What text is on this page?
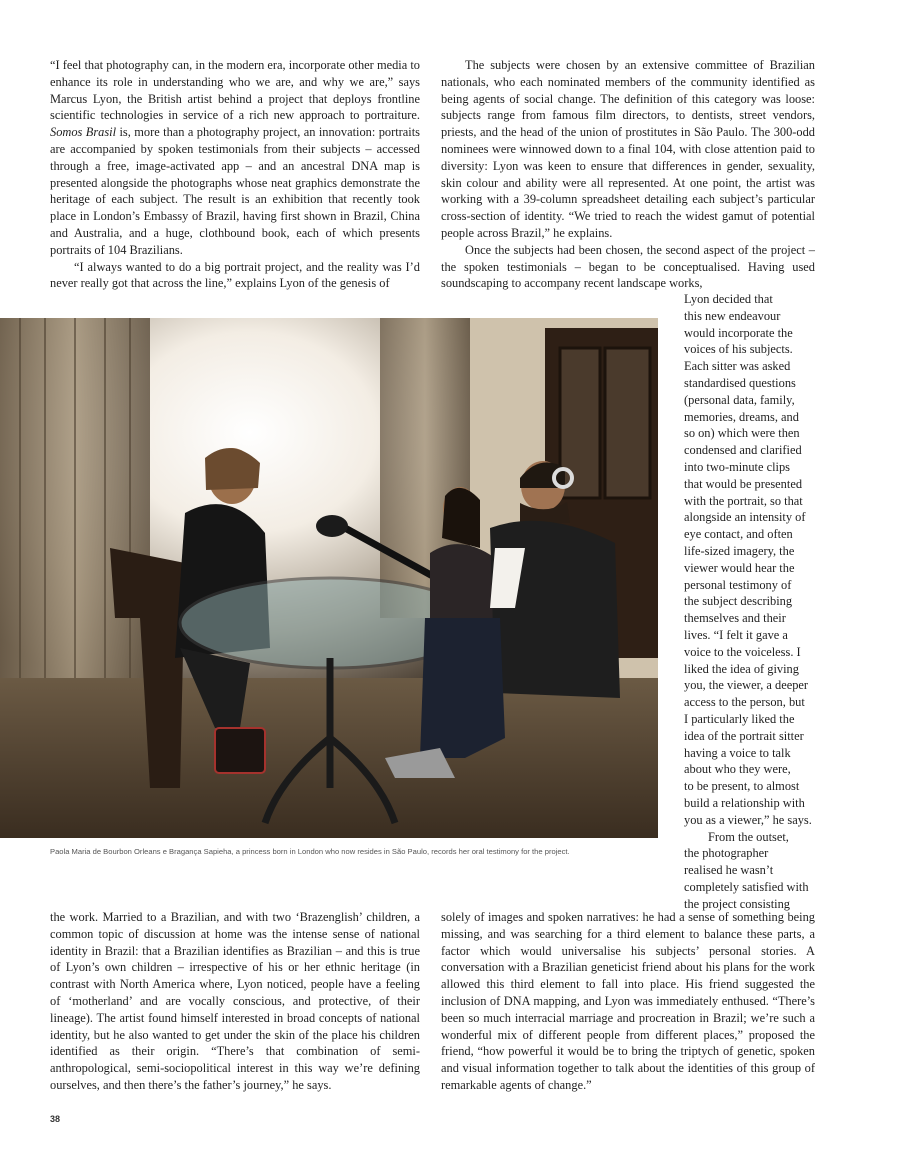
“I feel that photography can, in the modern era, incorporate other media to enhance its role in understanding who we are, and why we are,” says Marcus Lyon, the British artist behind a project that deploys frontline scientific technologies in service of a rich new approach to portraiture. Somos Brasil is, more than a photography project, an innovation: portraits are accompanied by spoken testimonials from their subjects – accessed through a free, image-activated app – and an ancestral DNA map is presented alongside the photographs whose neat graphics demonstrate the heritage of each subject. The result is an exhibition that recently took place in London’s Embassy of Brazil, having first shown in Brazil, China and Australia, and a huge, clothbound book, each of which presents portraits of 104 Brazilians.

“I always wanted to do a big portrait project, and the reality was I’d never really got that across the line,” explains Lyon of the genesis of

The subjects were chosen by an extensive committee of Brazilian nationals, who each nominated members of the community identified as being agents of social change. The definition of this category was loose: subjects range from famous film directors, to dentists, street vendors, priests, and the head of the union of prostitutes in São Paulo. The 300-odd nominees were winnowed down to a final 104, with close attention paid to diversity: Lyon was keen to ensure that differences in gender, sexuality, skin colour and ability were all represented. At one point, the artist was working with a 39-column spreadsheet detailing each subject’s particular cross-section of identity. “We tried to reach the widest gamut of potential people across Brazil,” he explains.

Once the subjects had been chosen, the second aspect of the project – the spoken testimonials – began to be conceptualised. Having used soundscaping to accompany recent landscape works,

Lyon decided that
this new endeavour
would incorporate the
voices of his subjects.
Each sitter was asked
standardised questions
(personal data, family,
memories, dreams, and
so on) which were then
condensed and clarified
into two-minute clips
that would be presented
with the portrait, so that
alongside an intensity of
eye contact, and often
life-sized imagery, the
viewer would hear the
personal testimony of
the subject describing
themselves and their
lives. “I felt it gave a
voice to the voiceless. I
liked the idea of giving
you, the viewer, a deeper
access to the person, but
I particularly liked the
idea of the portrait sitter
having a voice to talk
about who they were,
to be present, to almost
build a relationship with
you as a viewer,” he says.
From the outset,
the photographer
realised he wasn’t
completely satisfied with
the project consisting
Paola Maria de Bourbon Orleans e Bragança Sapieha, a princess born in London who now resides in São Paulo, records her oral testimony for the project.

the work. Married to a Brazilian, and with two ‘Brazenglish’ children, a common topic of discussion at home was the intense sense of national identity in Brazil: that a Brazilian identifies as Brazilian – and this is true of Lyon’s own children – irrespective of his or her ethnic heritage (in contrast with North America where, Lyon noticed, people have a feeling of ‘motherland’ and are vocally conscious, and protective, of their lineage). The artist found himself interested in broad concepts of national identity, but he also wanted to get under the skin of the place his children identified as their origin. “There’s that combination of semi-anthropological, semi-sociopolitical interest in this way we’re defining ourselves, and then there’s the father’s journey,” he says.

solely of images and spoken narratives: he had a sense of something being missing, and was searching for a third element to balance these parts, a factor which would universalise his subjects’ personal stories. A conversation with a Brazilian geneticist friend about his plans for the work allowed this third element to fall into place. His friend suggested the inclusion of DNA mapping, and Lyon was immediately enthused. “There’s been so much interracial marriage and procreation in Brazil; we’re such a wonderful mix of different people from different places,” proposed the friend, “how powerful it would be to bring the triptych of genetic, spoken and visual information together to talk about the identities of this group of remarkable agents of change.”

38
